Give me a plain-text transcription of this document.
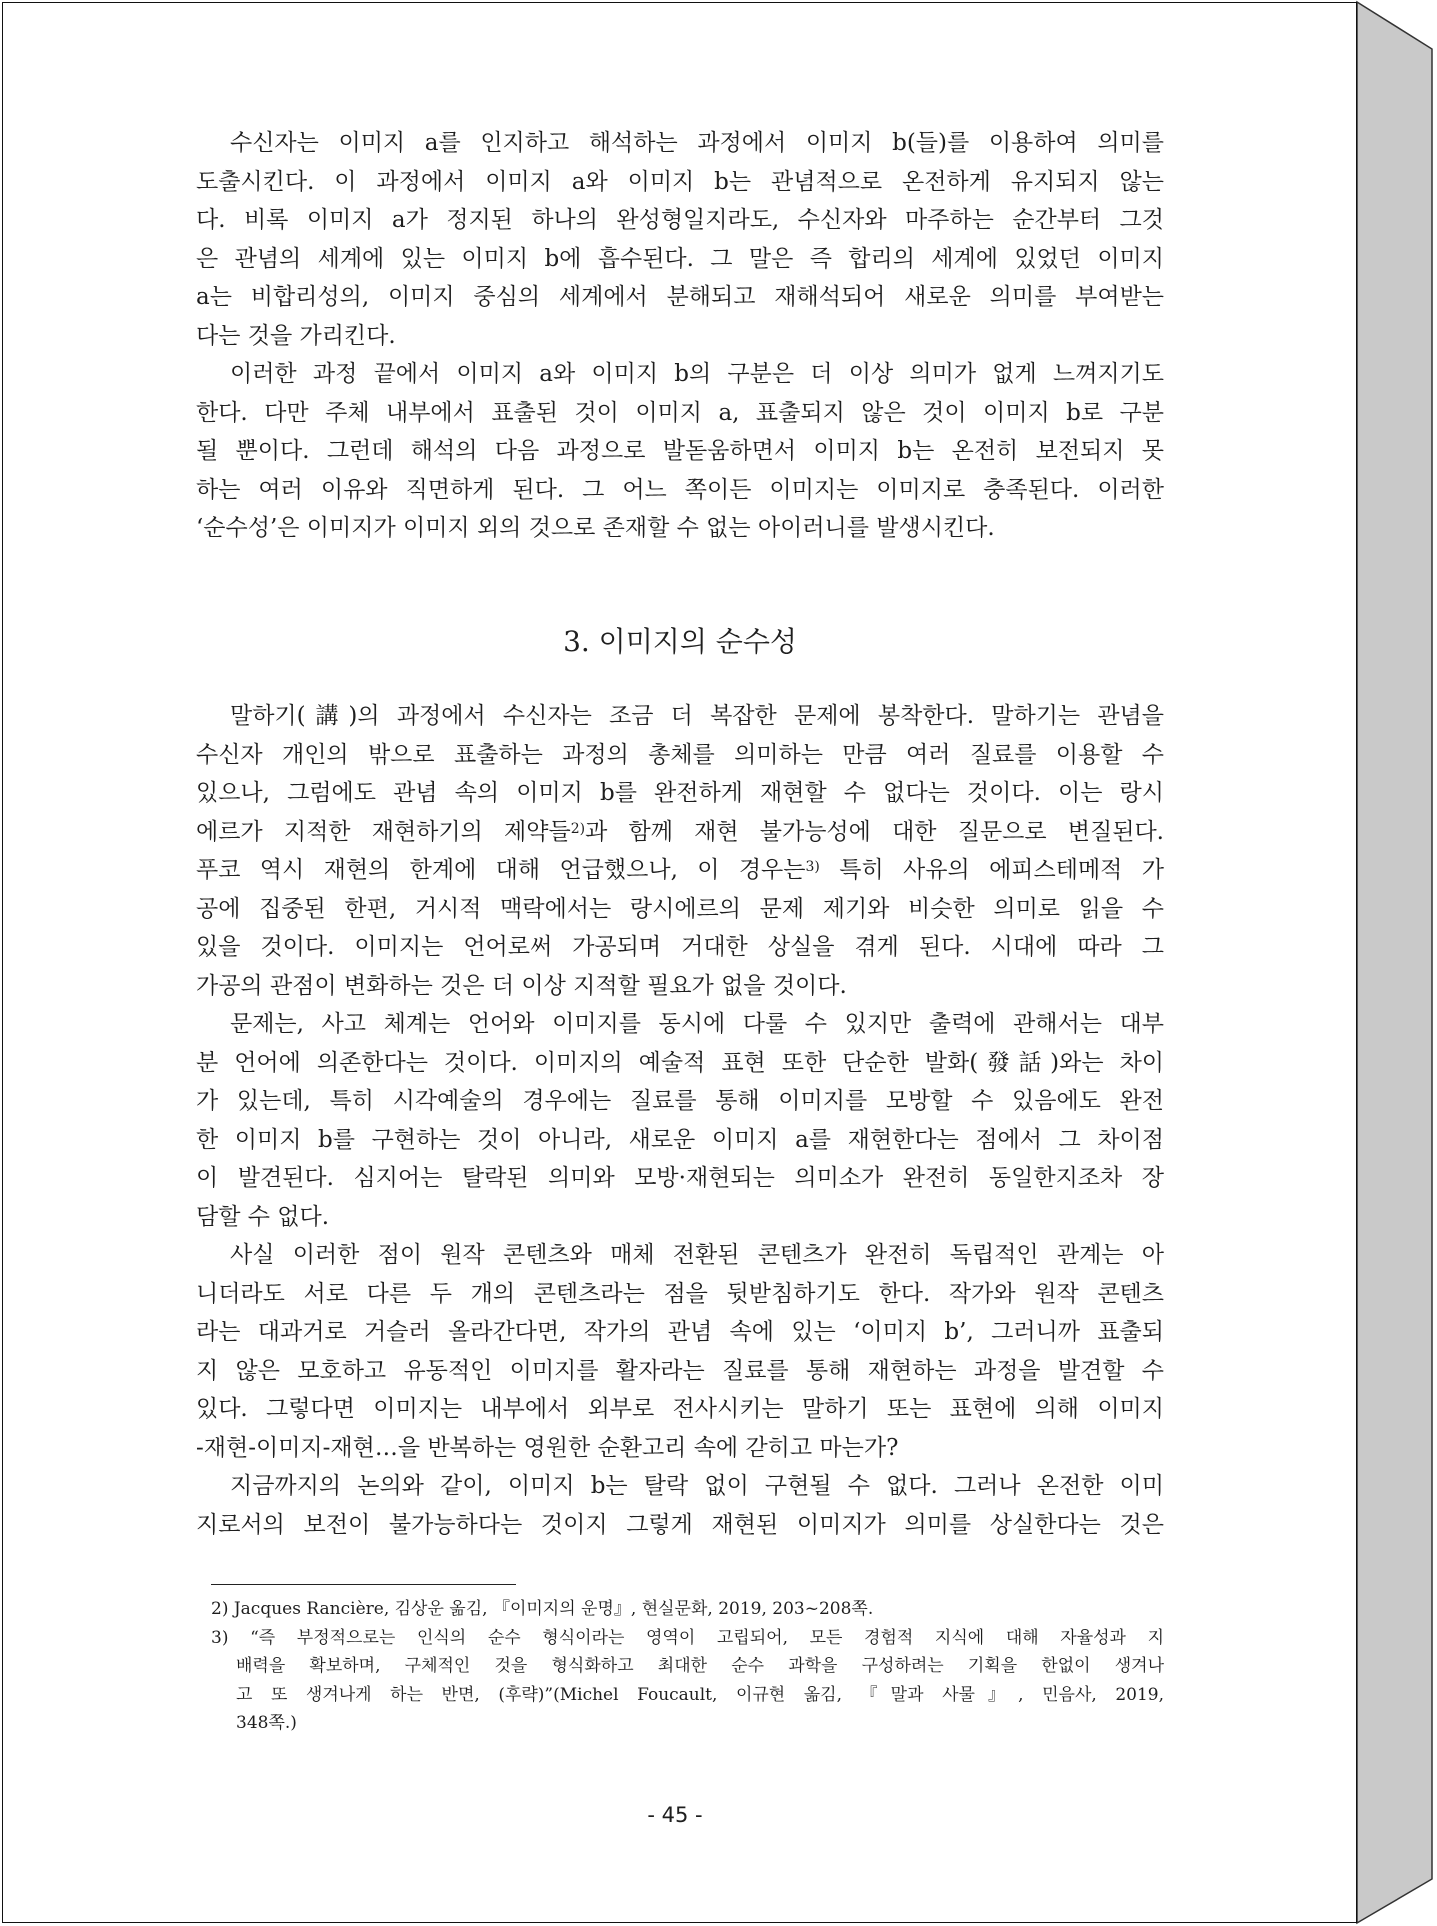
수신자는 이미지 a를 인지하고 해석하는 과정에서 이미지 b(들)를 이용하여 의미를
도출시킨다. 이 과정에서 이미지 a와 이미지 b는 관념적으로 온전하게 유지되지 않는
다. 비록 이미지 a가 정지된 하나의 완성형일지라도, 수신자와 마주하는 순간부터 그것
은 관념의 세계에 있는 이미지 b에 흡수된다. 그 말은 즉 합리의 세계에 있었던 이미지
a는 비합리성의, 이미지 중심의 세계에서 분해되고 재해석되어 새로운 의미를 부여받는
다는 것을 가리킨다.
이러한 과정 끝에서 이미지 a와 이미지 b의 구분은 더 이상 의미가 없게 느껴지기도
한다. 다만 주체 내부에서 표출된 것이 이미지 a, 표출되지 않은 것이 이미지 b로 구분
될 뿐이다. 그런데 해석의 다음 과정으로 발돋움하면서 이미지 b는 온전히 보전되지 못
하는 여러 이유와 직면하게 된다. 그 어느 쪽이든 이미지는 이미지로 충족된다. 이러한
‘순수성’은 이미지가 이미지 외의 것으로 존재할 수 없는 아이러니를 발생시킨다.
3. 이미지의 순수성
말하기(講)의 과정에서 수신자는 조금 더 복잡한 문제에 봉착한다. 말하기는 관념을
수신자 개인의 밖으로 표출하는 과정의 총체를 의미하는 만큼 여러 질료를 이용할 수
있으나, 그럼에도 관념 속의 이미지 b를 완전하게 재현할 수 없다는 것이다. 이는 랑시
에르가 지적한 재현하기의 제약들$^{2)}$과 함께 재현 불가능성에 대한 질문으로 변질된다.
푸코 역시 재현의 한계에 대해 언급했으나, 이 경우는$^{3)}$ 특히 사유의 에피스테메적 가
공에 집중된 한편, 거시적 맥락에서는 랑시에르의 문제 제기와 비슷한 의미로 읽을 수
있을 것이다. 이미지는 언어로써 가공되며 거대한 상실을 겪게 된다. 시대에 따라 그
가공의 관점이 변화하는 것은 더 이상 지적할 필요가 없을 것이다.
문제는, 사고 체계는 언어와 이미지를 동시에 다룰 수 있지만 출력에 관해서는 대부
분 언어에 의존한다는 것이다. 이미지의 예술적 표현 또한 단순한 발화(發話)와는 차이
가 있는데, 특히 시각예술의 경우에는 질료를 통해 이미지를 모방할 수 있음에도 완전
한 이미지 b를 구현하는 것이 아니라, 새로운 이미지 a를 재현한다는 점에서 그 차이점
이 발견된다. 심지어는 탈락된 의미와 모방·재현되는 의미소가 완전히 동일한지조차 장
담할 수 없다.
사실 이러한 점이 원작 콘텐츠와 매체 전환된 콘텐츠가 완전히 독립적인 관계는 아
니더라도 서로 다른 두 개의 콘텐츠라는 점을 뒷받침하기도 한다. 작가와 원작 콘텐츠
라는 대과거로 거슬러 올라간다면, 작가의 관념 속에 있는 ‘이미지 b’, 그러니까 표출되
지 않은 모호하고 유동적인 이미지를 활자라는 질료를 통해 재현하는 과정을 발견할 수
있다. 그렇다면 이미지는 내부에서 외부로 전사시키는 말하기 또는 표현에 의해 이미지
-재현-이미지-재현…을 반복하는 영원한 순환고리 속에 갇히고 마는가?
지금까지의 논의와 같이, 이미지 b는 탈락 없이 구현될 수 없다. 그러나 온전한 이미
지로서의 보전이 불가능하다는 것이지 그렇게 재현된 이미지가 의미를 상실한다는 것은
2) Jacques Rancière, 김상운 옮김, 『이미지의 운명』, 현실문화, 2019, 203~208쪽.
3) “즉 부정적으로는 인식의 순수 형식이라는 영역이 고립되어, 모든 경험적 지식에 대해 자율성과 지
배력을 확보하며, 구체적인 것을 형식화하고 최대한 순수 과학을 구성하려는 기획을 한없이 생겨나
고 또 생겨나게 하는 반면, (후략)”(Michel Foucault, 이규현 옮김, 『말과 사물』, 민음사, 2019,
348쪽.)
- 45 -
